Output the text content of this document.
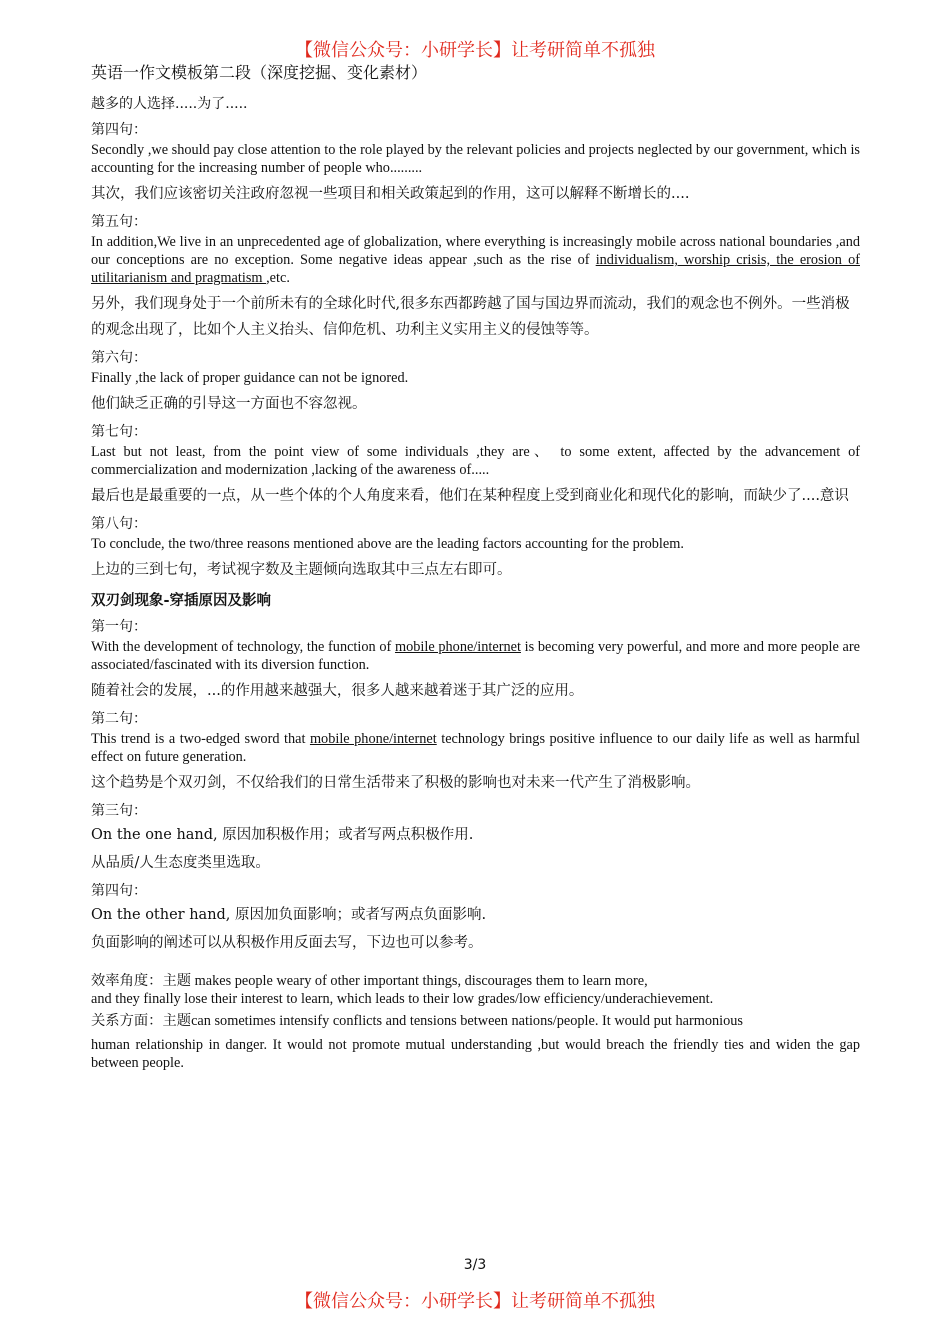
【微信公众号：小研学长】让考研简单不孤独
英语一作文模板第二段（深度挖掘、变化素材）
越多的人选择.....为了.....
第四句：
Secondly ,we should pay close attention to the role played by the relevant policies and projects neglected by our government, which is accounting for the increasing number of people who.........
其次，我们应该密切关注政府忽视一些项目和相关政策起到的作用，这可以解释不断增长的....
第五句：
In addition,We live in an unprecedented age of globalization, where everything is increasingly mobile across national boundaries ,and our conceptions are no exception. Some negative ideas appear ,such as the rise of individualism, worship crisis, the erosion of utilitarianism and pragmatism ,etc.
另外，我们现身处于一个前所未有的全球化时代,很多东西都跨越了国与国边界而流动，我们的观念也不例外。一些消极的观念出现了，比如个人主义抬头、信仰危机、功利主义实用主义的侵蚀等等。
第六句：
Finally ,the lack of proper guidance can not be ignored.
他们缺乏正确的引导这一方面也不容忽视。
第七句：
Last but not least, from the point view of some individuals ,they are、 to some extent, affected by the advancement of commercialization and modernization ,lacking of the awareness of.....
最后也是最重要的一点，从一些个体的个人角度来看，他们在某种程度上受到商业化和现代化的影响，而缺少了....意识
第八句：
To conclude, the two/three reasons mentioned above are the leading factors accounting for the problem.
上边的三到七句，考试视字数及主题倾向选取其中三点左右即可。
双刃剑现象-穿插原因及影响
第一句：
With the development of technology, the function of mobile phone/internet is becoming very powerful, and more and more people are associated/fascinated with its diversion function.
随着社会的发展，...的作用越来越强大，很多人越来越着迷于其广泛的应用。
第二句：
This trend is a two-edged sword that mobile phone/internet technology brings positive influence to our daily life as well as harmful effect on future generation.
这个趋势是个双刃剑，不仅给我们的日常生活带来了积极的影响也对未来一代产生了消极影响。
第三句：
On the one hand, 原因加积极作用；或者写两点积极作用.
从品质/人生态度类里选取。
第四句：
On the other hand, 原因加负面影响；或者写两点负面影响.
负面影响的阐述可以从积极作用反面去写，下边也可以参考。
效率角度：主题 makes people weary of other important things, discourages them to learn more,
and they finally lose their interest to learn, which leads to their low grades/low efficiency/underachievement.
关系方面：主题can sometimes intensify conflicts and tensions between nations/people. It would put harmonious
human relationship in danger. It would not promote mutual understanding ,but would breach the friendly ties and widen the gap between people.
3/3
【微信公众号：小研学长】让考研简单不孤独
